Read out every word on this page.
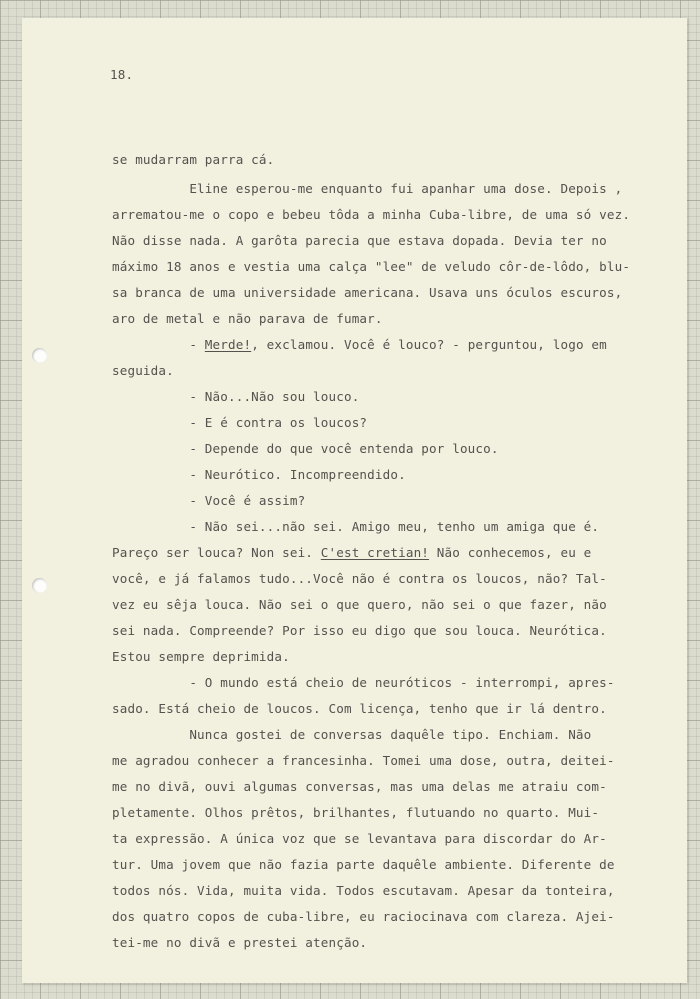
18.
se mudarram parra cá.
Eline esperou-me enquanto fui apanhar uma dose. Depois ,
arrematou-me o copo e bebeu tôda a minha Cuba-libre, de uma só vez.
Não disse nada. A garôta parecia que estava dopada. Devia ter no
máximo 18 anos e vestia uma calça "lee" de veludo côr-de-lôdo, blu-
sa branca de uma universidade americana. Usava uns óculos escuros,
aro de metal e não parava de fumar.
- Merde!, exclamou. Você é louco? - perguntou, logo em
seguida.
- Não...Não sou louco.
- E é contra os loucos?
- Depende do que você entenda por louco.
- Neurótico. Incompreendido.
- Você é assim?
- Não sei...não sei. Amigo meu, tenho um amiga que é.
Pareço ser louca? Non sei. C'est cretian! Não conhecemos, eu e
você, e já falamos tudo...Você não é contra os loucos, não? Tal-
vez eu sêja louca. Não sei o que quero, não sei o que fazer, não
sei nada. Compreende? Por isso eu digo que sou louca. Neurótica.
Estou sempre deprimida.
- O mundo está cheio de neuróticos - interrompi, apres-
sado. Está cheio de loucos. Com licença, tenho que ir lá dentro.
Nunca gostei de conversas daquêle tipo. Enchiam. Não
me agradou conhecer a francesinha. Tomei uma dose, outra, deitei-
me no divã, ouvi algumas conversas, mas uma delas me atraiu com-
pletamente. Olhos prêtos, brilhantes, flutuando no quarto. Mui-
ta expressão. A única voz que se levantava para discordar do Ar-
tur. Uma jovem que não fazia parte daquêle ambiente. Diferente de
todos nós. Vida, muita vida. Todos escutavam. Apesar da tonteira,
dos quatro copos de cuba-libre, eu raciocinava com clareza. Ajei-
tei-me no divã e prestei atenção.
